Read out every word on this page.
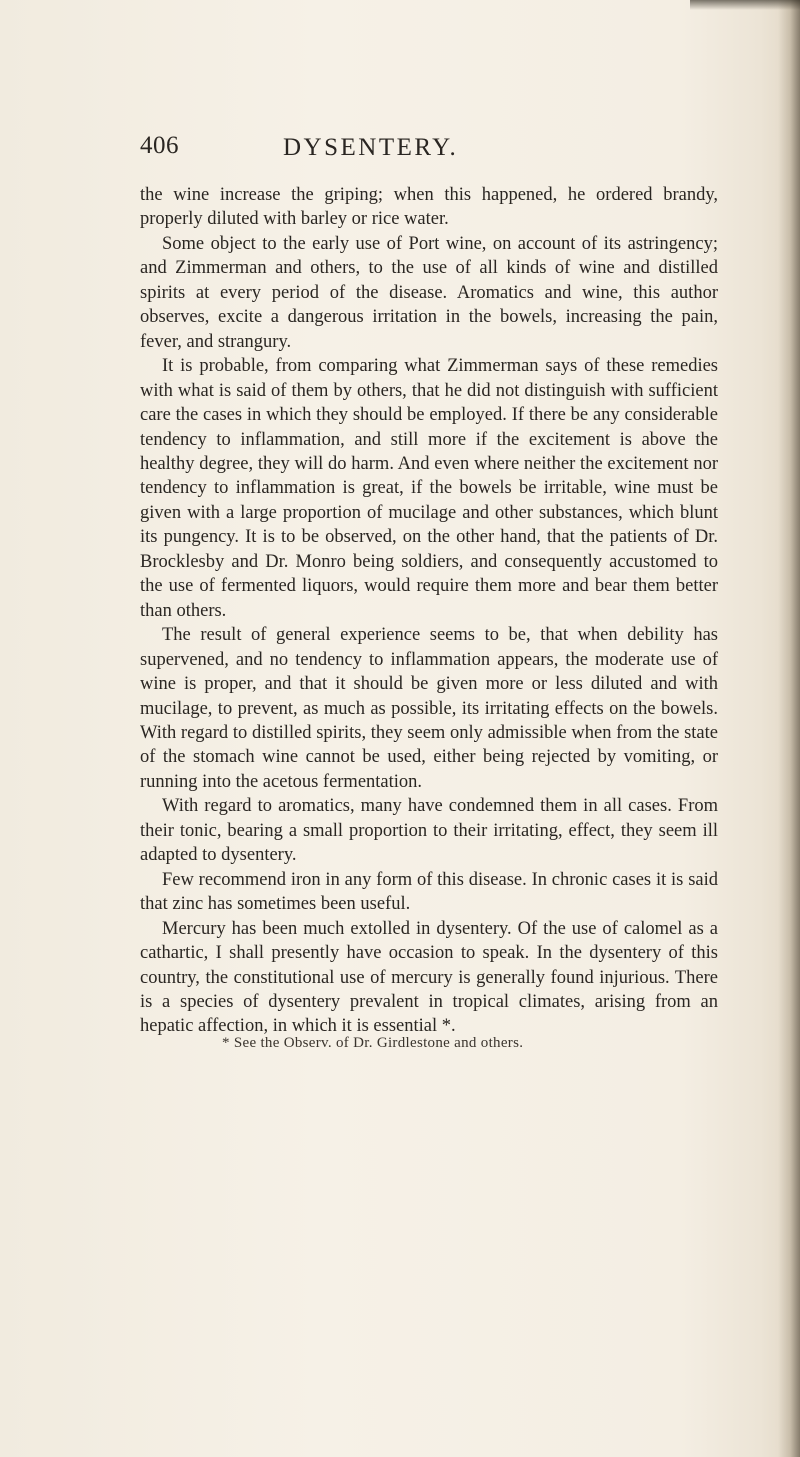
406	DYSENTERY.

the wine increase the griping; when this happened, he ordered brandy, properly diluted with barley or rice water.

Some object to the early use of Port wine, on account of its astringency; and Zimmerman and others, to the use of all kinds of wine and distilled spirits at every period of the disease. Aromatics and wine, this author observes, excite a dangerous irritation in the bowels, increasing the pain, fever, and strangury.

It is probable, from comparing what Zimmerman says of these remedies with what is said of them by others, that he did not distinguish with sufficient care the cases in which they should be employed. If there be any considerable tendency to inflammation, and still more if the excitement is above the healthy degree, they will do harm. And even where neither the excitement nor tendency to inflammation is great, if the bowels be irritable, wine must be given with a large proportion of mucilage and other substances, which blunt its pungency. It is to be observed, on the other hand, that the patients of Dr. Brocklesby and Dr. Monro being soldiers, and consequently accustomed to the use of fermented liquors, would require them more and bear them better than others.

The result of general experience seems to be, that when debility has supervened, and no tendency to inflammation appears, the moderate use of wine is proper, and that it should be given more or less diluted and with mucilage, to prevent, as much as possible, its irritating effects on the bowels. With regard to distilled spirits, they seem only admissible when from the state of the stomach wine cannot be used, either being rejected by vomiting, or running into the acetous fermentation.

With regard to aromatics, many have condemned them in all cases. From their tonic, bearing a small proportion to their irritating, effect, they seem ill adapted to dysentery.

Few recommend iron in any form of this disease. In chronic cases it is said that zinc has sometimes been useful.

Mercury has been much extolled in dysentery. Of the use of calomel as a cathartic, I shall presently have occasion to speak. In the dysentery of this country, the constitutional use of mercury is generally found injurious. There is a species of dysentery prevalent in tropical climates, arising from an hepatic affection, in which it is essential *.

* See the Observ. of Dr. Girdlestone and others.
